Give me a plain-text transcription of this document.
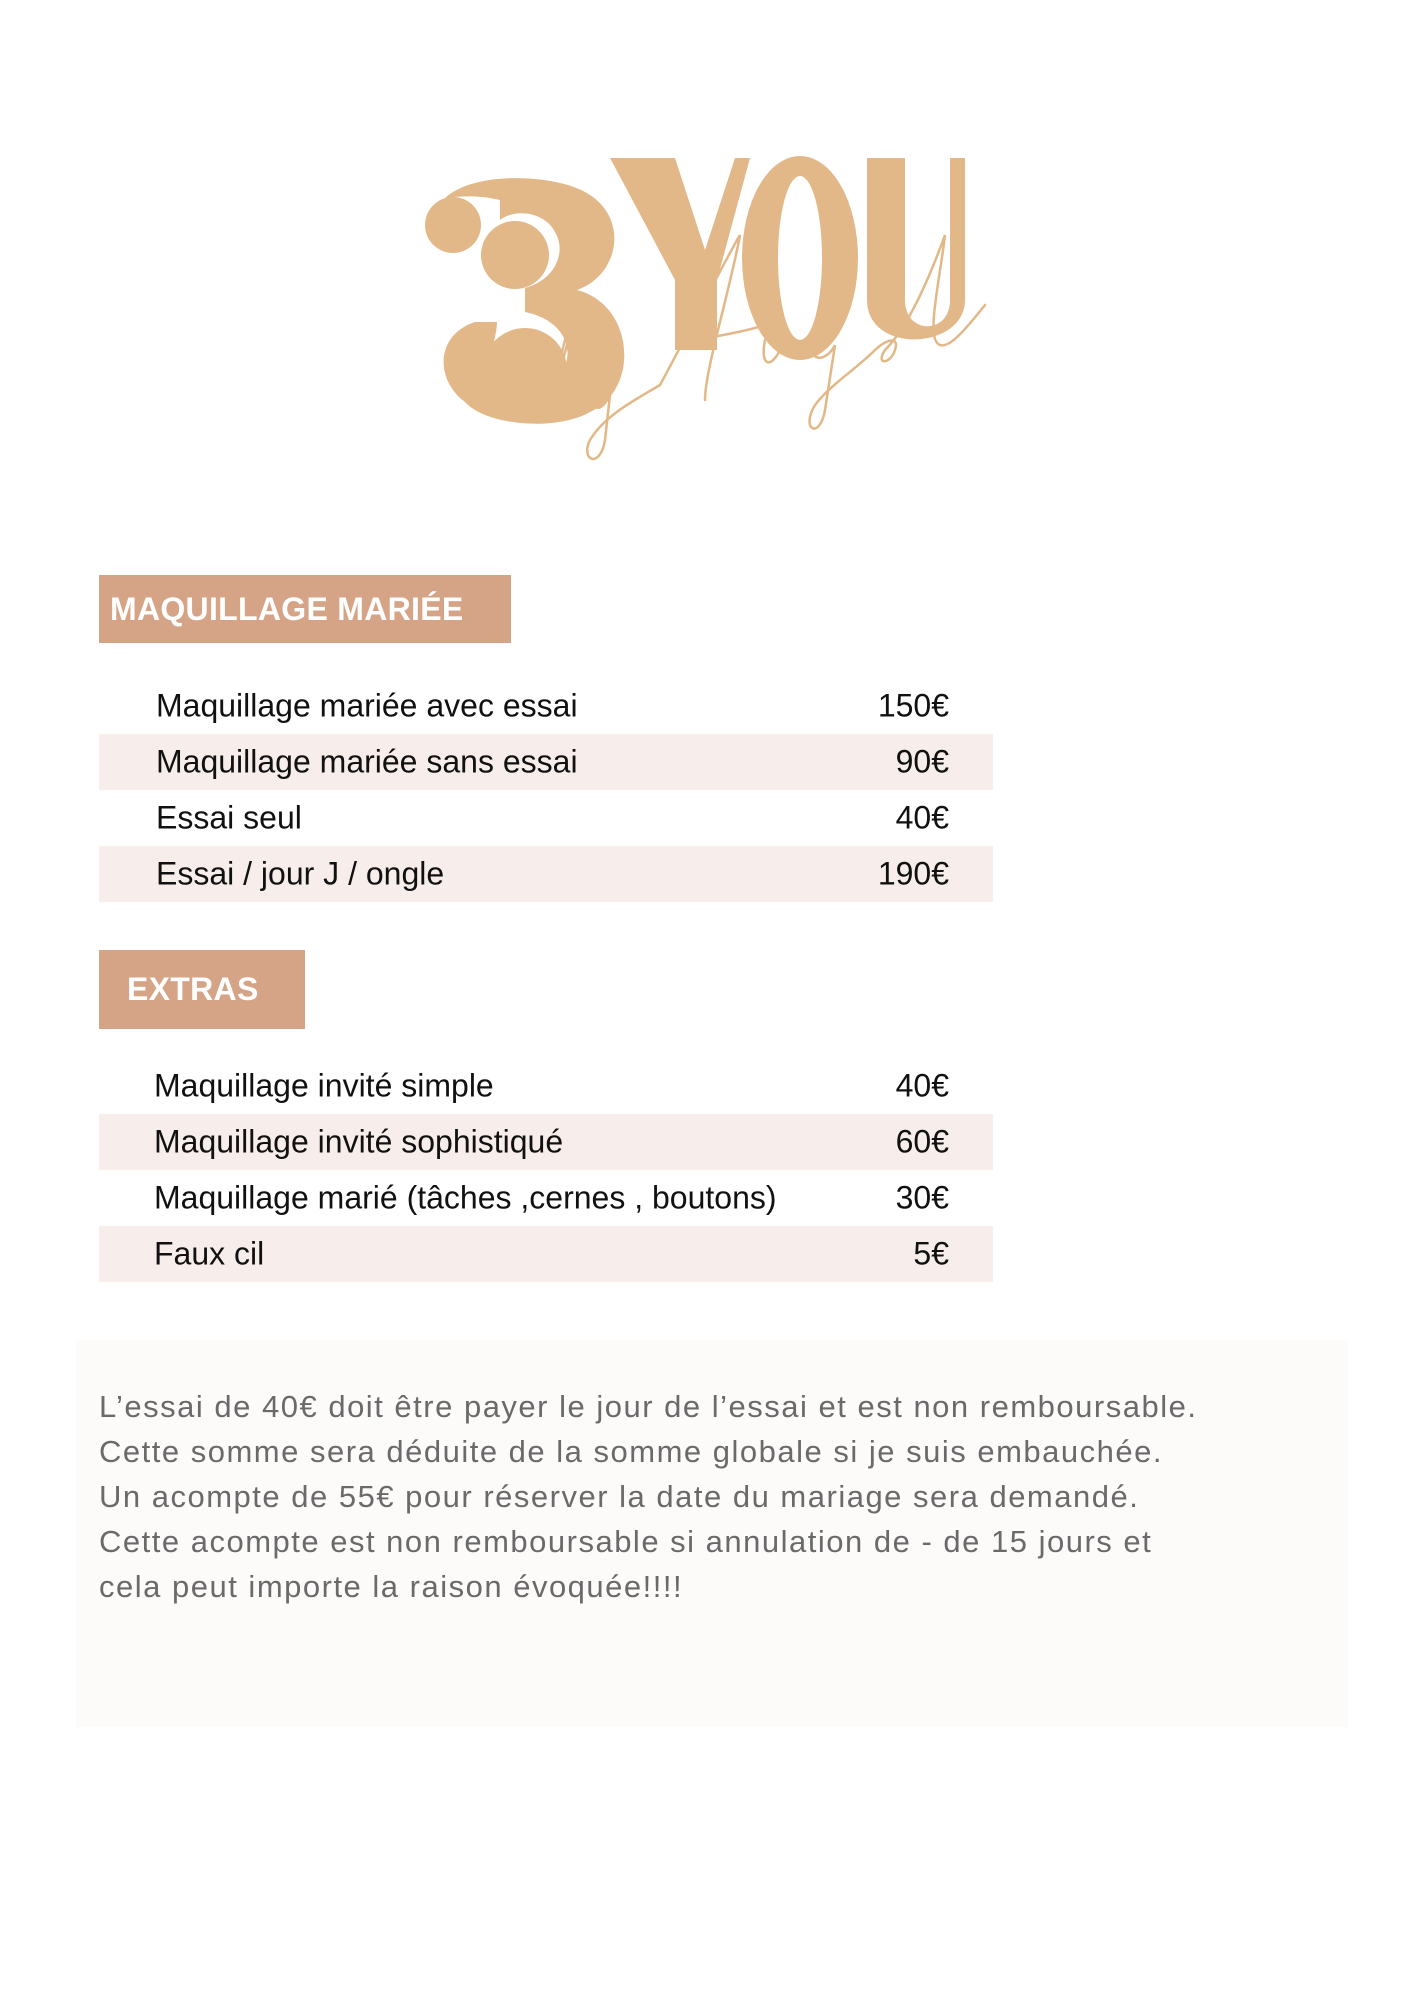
MAQUILLAGE MARIÉE
Maquillage mariée avec essai	150€
Maquillage mariée sans essai	90€
Essai seul	40€
Essai / jour J / ongle	190€
EXTRAS
Maquillage invité simple	40€
Maquillage invité sophistiqué	60€
Maquillage marié (tâches ,cernes , boutons)	30€
Faux cil	5€

L’essai de 40€ doit être payer le jour de l’essai et est non remboursable.
Cette somme sera déduite de la somme globale si je suis embauchée.
Un acompte de 55€ pour réserver la date du mariage sera demandé.
Cette acompte est non remboursable si annulation de - de 15 jours et
cela peut importe la raison évoquée!!!!
